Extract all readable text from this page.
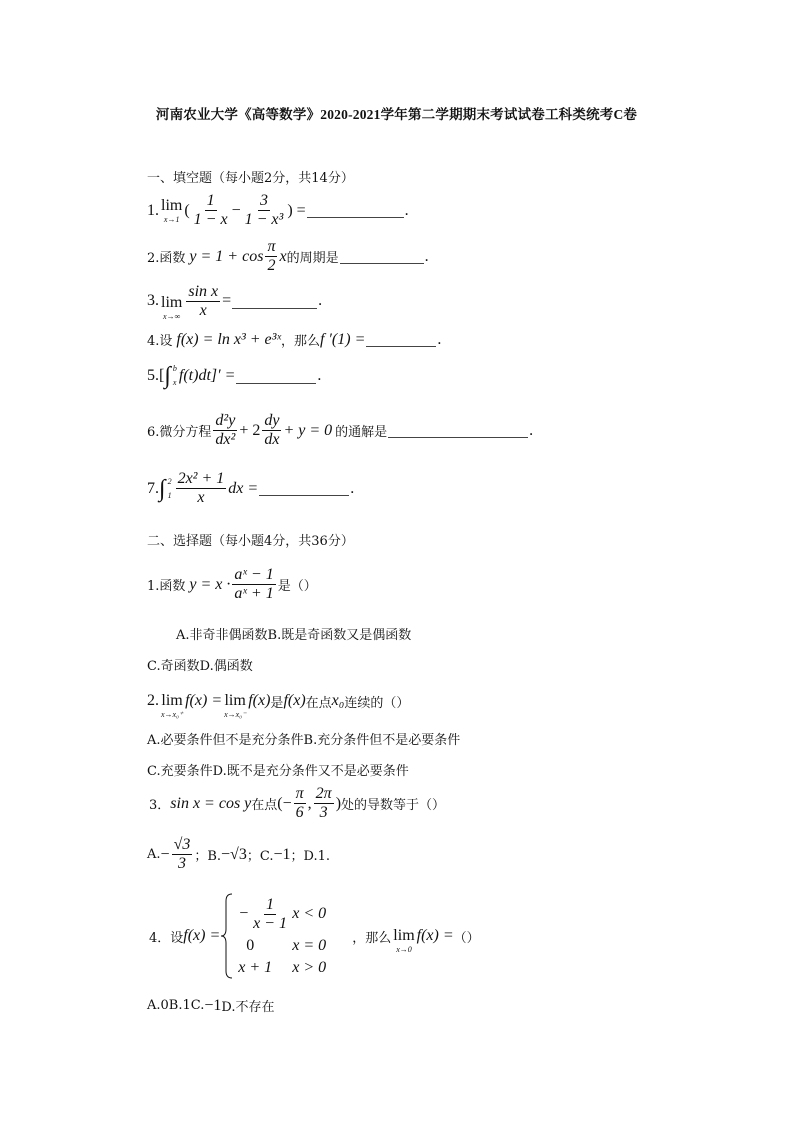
河南农业大学《高等数学》2020-2021学年第二学期期末考试试卷工科类统考C卷
一、填空题（每小题2分，共14分）
1. lim
x→1
( $\frac{1}{1 - x} - \frac{3}{\text{1 − x³}}$ ) =	.
2.函数 $y = 1 + \cos \frac{\pi}{2}$ x 的周期是	.
3. lim
$x\to\infty \frac{\text{sin x}}{x}$ =	.
4.设 f(x) = ln x³ + e³ˣ ，那么 f ′(1) =	.
5. [ ∫ b
x f(t)dt]′ =	.
6.微分方程 $\frac{\text{d²y}}{\text{dx²}} + 2 \frac{dy}{dx} + y = 0$ 的通解是	.
7. ∫ 2
$1 \frac{\text{2x² + 1}}{x}$ dx =	.
二、选择题（每小题4分，共36分）
1.函数 $y = x \cdot \frac{\text{aˣ − 1}}{\text{aˣ + 1}}$ 是（）
A.非奇非偶函数B.既是奇函数又是偶函数
C.奇函数D.偶函数
2. lim
x→x₀⁺
f(x) = lim
x→x₀⁻
f(x) 是 f(x) 在点 x₀ 连续的（）
A.必要条件但不是充分条件B.充分条件但不是必要条件
C.充要条件D.既不是充分条件又不是必要条件
3． sin x = cos y 在点 (− $\frac{\pi}{6}$ , $\frac{2\pi}{3}$ ) 处的导数等于（）
A. − $\frac{√3}{3}$ ；B. −√3 ；C. −1 ；D.1.
4．设 f(x) =
− $\frac{1}{x - 1}$ x < 0
0	x = 0
x + 1	x > 0
，那么 lim
x→0
f(x) = （）
A.0B.1C. −1 D.不存在
